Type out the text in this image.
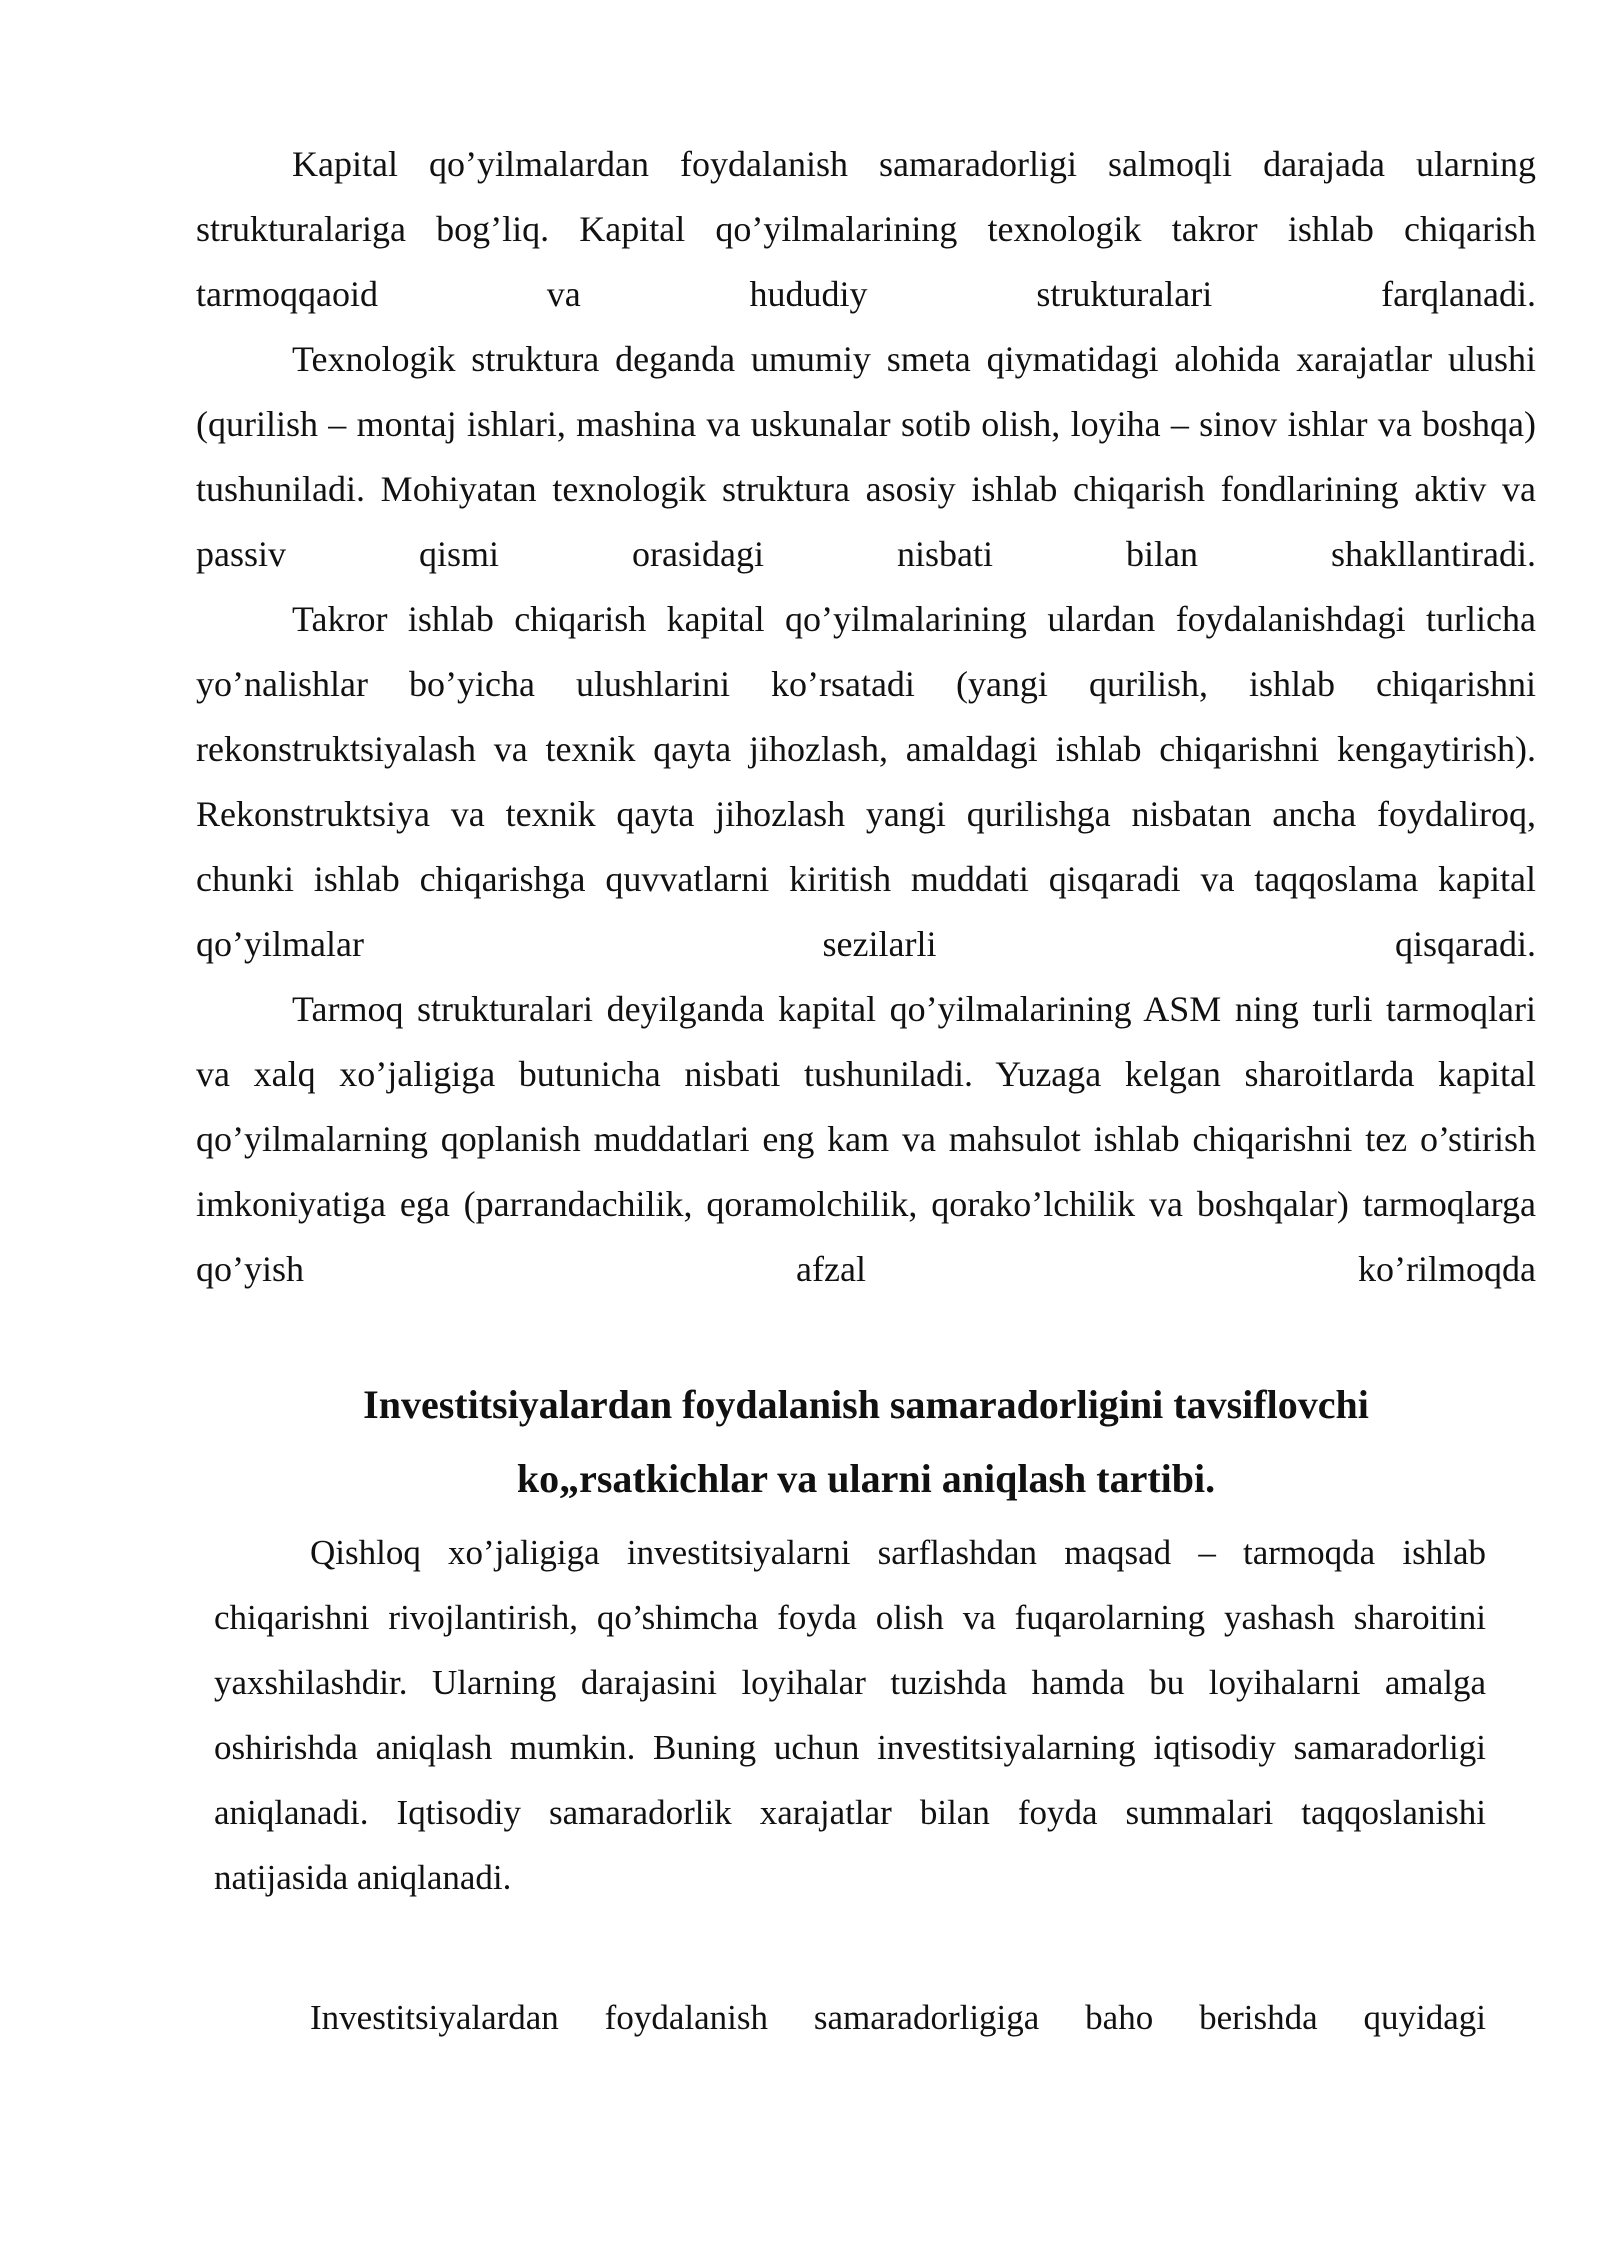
Kapital qo’yilmalardan foydalanish samaradorligi salmoqli darajada ularning strukturalariga bog’liq. Kapital qo’yilmalarining texnologik takror ishlab chiqarish tarmoqqaoid va hududiy strukturalari farqlanadi.

Texnologik struktura deganda umumiy smeta qiymatidagi alohida xarajatlar ulushi (qurilish – montaj ishlari, mashina va uskunalar sotib olish, loyiha – sinov ishlar va boshqa) tushuniladi. Mohiyatan texnologik struktura asosiy ishlab chiqarish fondlarining aktiv va passiv qismi orasidagi nisbati bilan shakllantiradi.

Takror ishlab chiqarish kapital qo’yilmalarining ulardan foydalanishdagi turlicha yo’nalishlar bo’yicha ulushlarini ko’rsatadi (yangi qurilish, ishlab chiqarishni rekonstruktsiyalash va texnik qayta jihozlash, amaldagi ishlab chiqarishni kengaytirish). Rekonstruktsiya va texnik qayta jihozlash yangi qurilishga nisbatan ancha foydaliroq, chunki ishlab chiqarishga quvvatlarni kiritish muddati qisqaradi va taqqoslama kapital qo’yilmalar sezilarli qisqaradi.

Tarmoq strukturalari deyilganda kapital qo’yilmalarining ASM ning turli tarmoqlari va xalq xo’jaligiga butunicha nisbati tushuniladi. Yuzaga kelgan sharoitlarda kapital qo’yilmalarning qoplanish muddatlari eng kam va mahsulot ishlab chiqarishni tez o’stirish imkoniyatiga ega (parrandachilik, qoramolchilik, qorako’lchilik va boshqalar) tarmoqlarga qo’yish afzal ko’rilmoqda

Investitsiyalardan foydalanish samaradorligini tavsiflovchi
ko„rsatkichlar va ularni aniqlash tartibi.

Qishloq xo’jaligiga investitsiyalarni sarflashdan maqsad – tarmoqda ishlab chiqarishni rivojlantirish, qo’shimcha foyda olish va fuqarolarning yashash sharoitini yaxshilashdir. Ularning darajasini loyihalar tuzishda hamda bu loyihalarni amalga oshirishda aniqlash mumkin. Buning uchun investitsiyalarning iqtisodiy samaradorligi aniqlanadi. Iqtisodiy samaradorlik xarajatlar bilan foyda summalari taqqoslanishi natijasida aniqlanadi.

Investitsiyalardan foydalanish samaradorligiga baho berishda quyidagi
